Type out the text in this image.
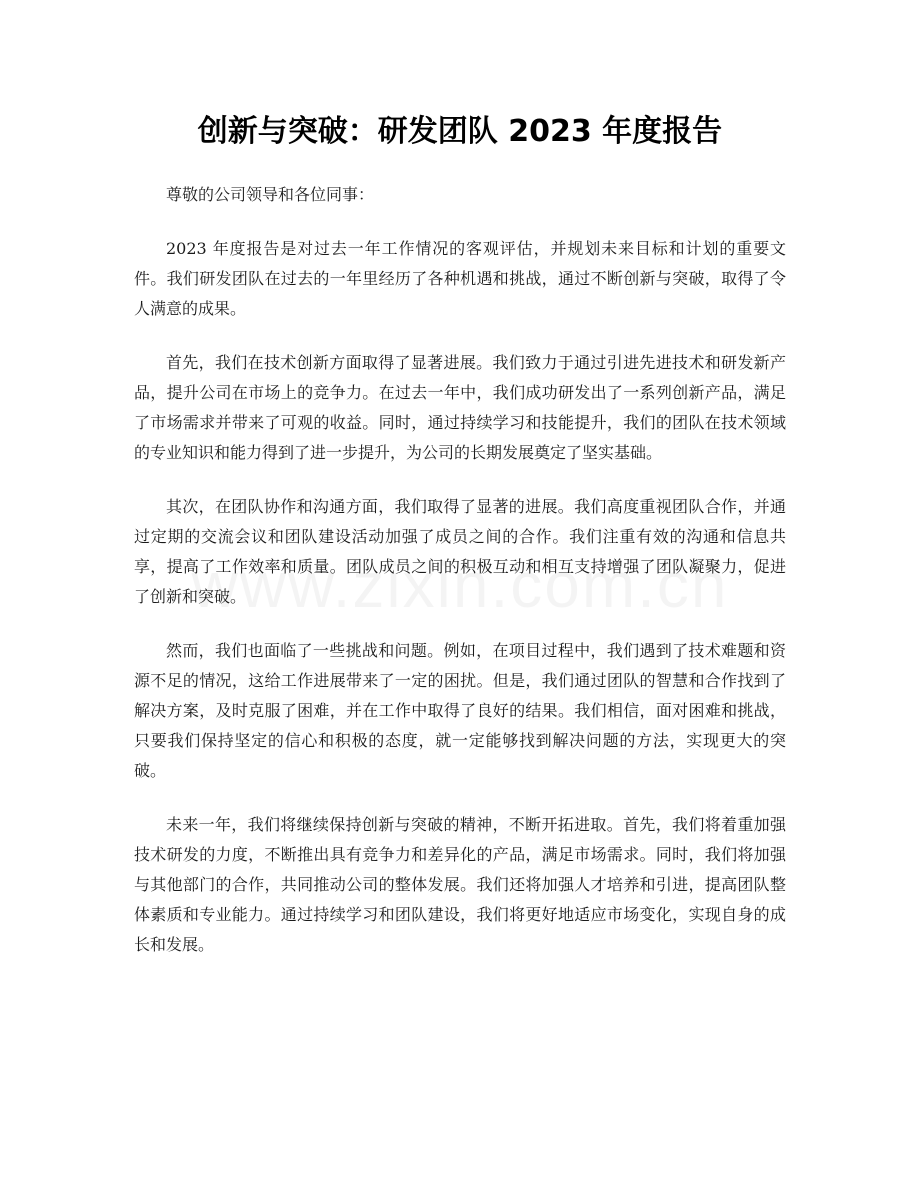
创新与突破：研发团队 2023 年度报告

尊敬的公司领导和各位同事：

2023 年度报告是对过去一年工作情况的客观评估，并规划未来目标和计划的重要文件。我们研发团队在过去的一年里经历了各种机遇和挑战，通过不断创新与突破，取得了令人满意的成果。

首先，我们在技术创新方面取得了显著进展。我们致力于通过引进先进技术和研发新产品，提升公司在市场上的竞争力。在过去一年中，我们成功研发出了一系列创新产品，满足了市场需求并带来了可观的收益。同时，通过持续学习和技能提升，我们的团队在技术领域的专业知识和能力得到了进一步提升，为公司的长期发展奠定了坚实基础。

其次，在团队协作和沟通方面，我们取得了显著的进展。我们高度重视团队合作，并通过定期的交流会议和团队建设活动加强了成员之间的合作。我们注重有效的沟通和信息共享，提高了工作效率和质量。团队成员之间的积极互动和相互支持增强了团队凝聚力，促进了创新和突破。

然而，我们也面临了一些挑战和问题。例如，在项目过程中，我们遇到了技术难题和资源不足的情况，这给工作进展带来了一定的困扰。但是，我们通过团队的智慧和合作找到了解决方案，及时克服了困难，并在工作中取得了良好的结果。我们相信，面对困难和挑战，只要我们保持坚定的信心和积极的态度，就一定能够找到解决问题的方法，实现更大的突破。

未来一年，我们将继续保持创新与突破的精神，不断开拓进取。首先，我们将着重加强技术研发的力度，不断推出具有竞争力和差异化的产品，满足市场需求。同时，我们将加强与其他部门的合作，共同推动公司的整体发展。我们还将加强人才培养和引进，提高团队整体素质和专业能力。通过持续学习和团队建设，我们将更好地适应市场变化，实现自身的成长和发展。
